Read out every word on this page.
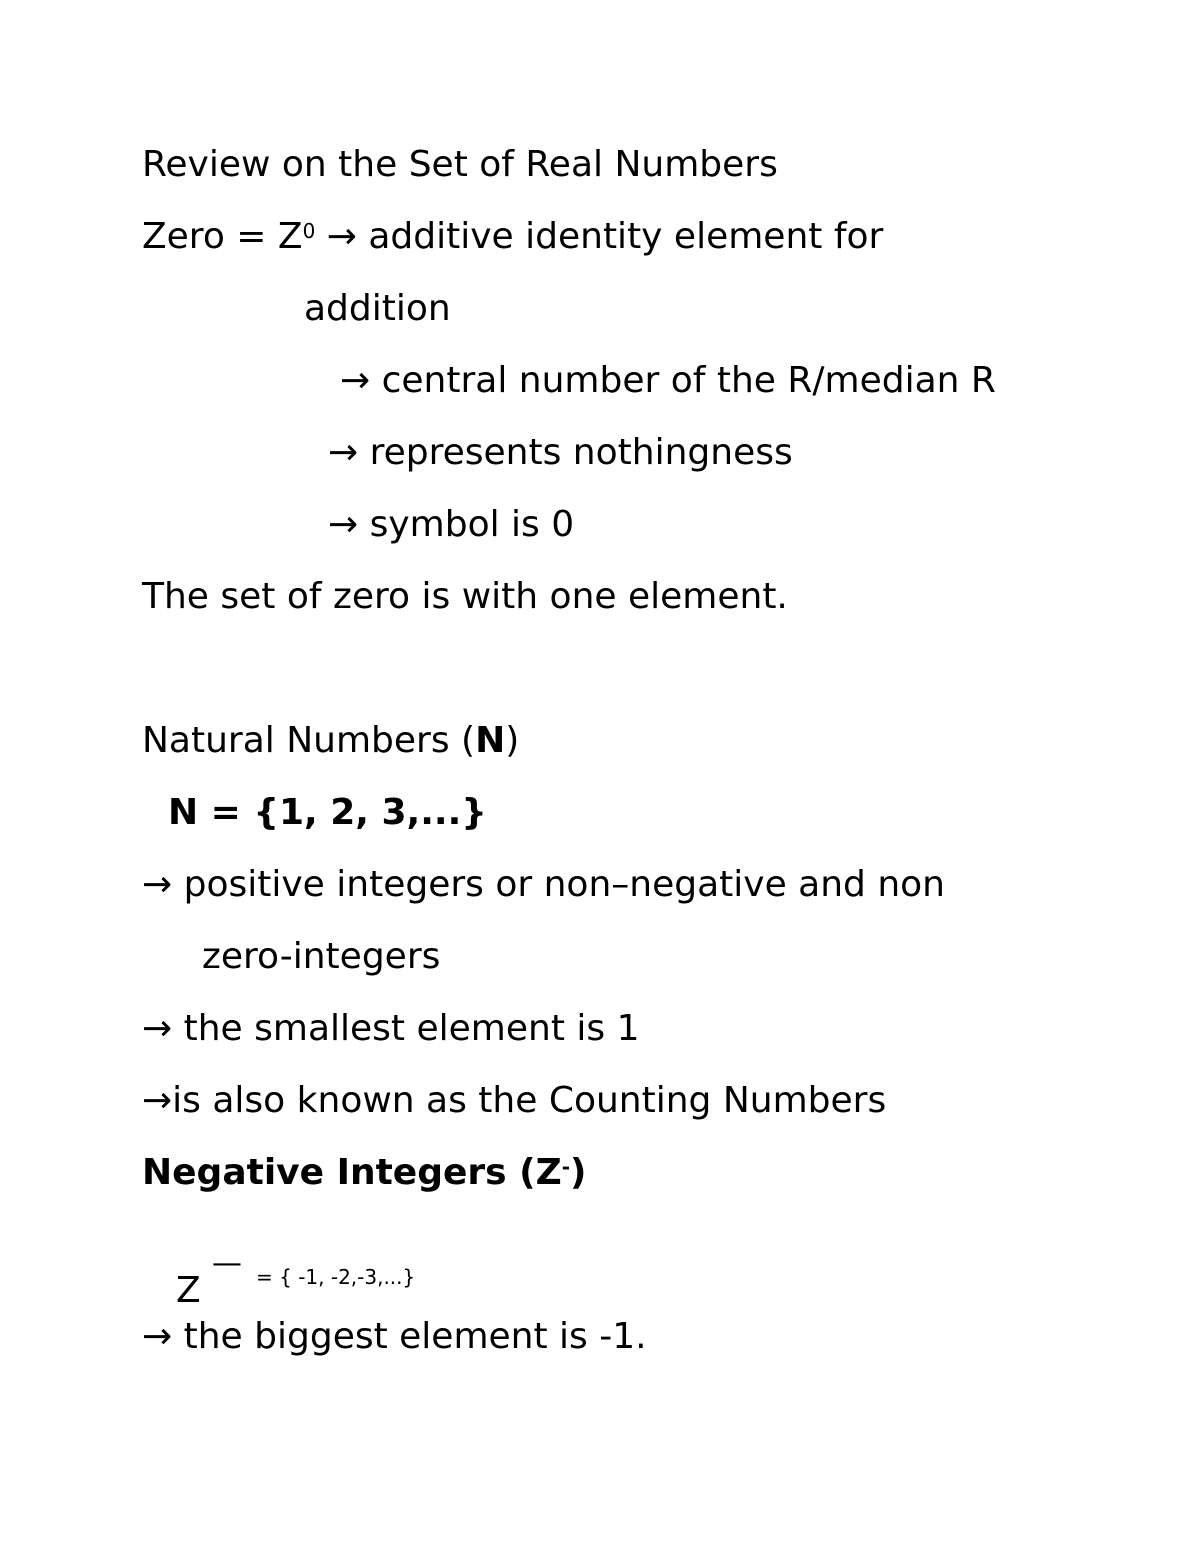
Review on the Set of Real Numbers
Zero = $Z^0$ → additive identity element for
addition
→ central number of the R/median R
→ represents nothingness
→ symbol is 0
The set of zero is with one element.
Natural Numbers (N)
N = {1, 2, 3,...}
→ positive integers or non–negative and non
zero-integers
→ the smallest element is 1
→is also known as the Counting Numbers
Negative Integers (Z-)
Z
— = { -1, -2,-3,...}
→ the biggest element is -1.
